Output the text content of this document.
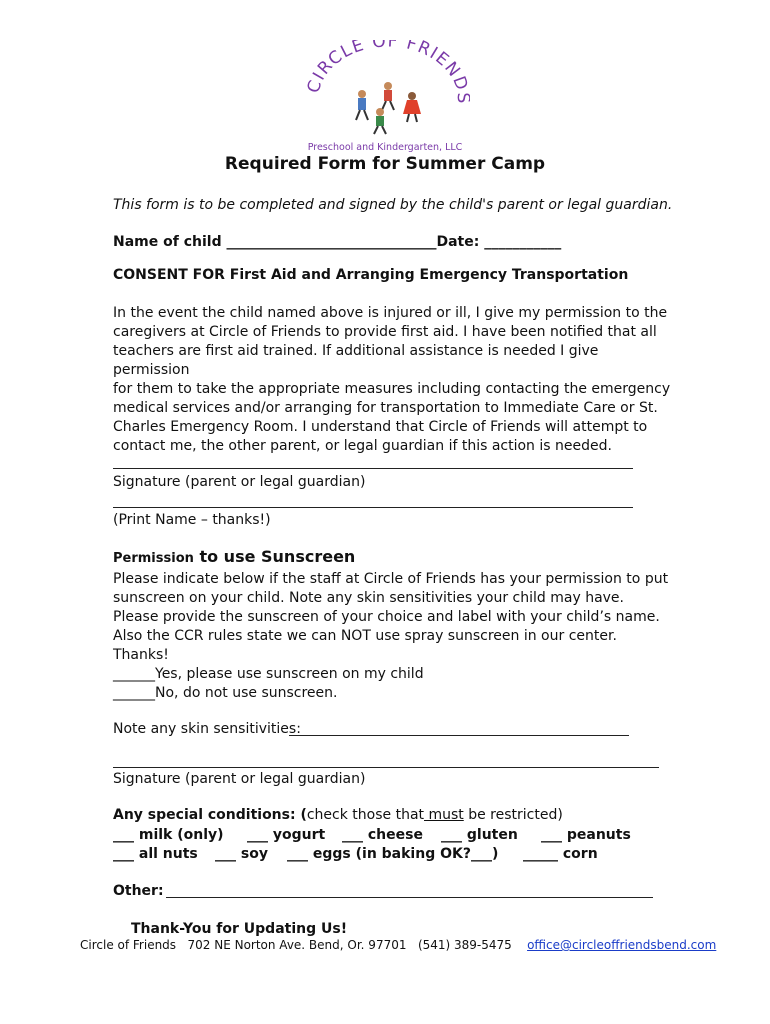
CIRCLE OF FRIEND
Preschool and Kindergarten, LLC
Required Form for Summer Camp
This form is to be completed and signed by the child's parent or legal guardian.
Name of child ______________________________Date: ___________
CONSENT FOR First Aid and Arranging Emergency Transportation
In the event the child named above is injured or ill, I give my permission to the
caregivers at Circle of Friends to provide first aid. I have been notified that all
teachers are first aid trained. If additional assistance is needed I give permission
for them to take the appropriate measures including contacting the emergency
medical services and/or arranging for transportation to Immediate Care or St.
Charles Emergency Room. I understand that Circle of Friends will attempt to
contact me, the other parent, or legal guardian if this action is needed.
Signature (parent or legal guardian)
(Print Name – thanks!)
Permission to use Sunscreen
Please indicate below if the staff at Circle of Friends has your permission to put
sunscreen on your child. Note any skin sensitivities your child may have.
Please provide the sunscreen of your choice and label with your child’s name.
Also the CCR rules state we can NOT use spray sunscreen in our center.
Thanks!
______Yes, please use sunscreen on my child
______No, do not use sunscreen.
Note any skin sensitivities:
Signature (parent or legal guardian)
Any special conditions: (check those that must be restricted)
___ milk (only) ___ yogurt ___ cheese ___ gluten ___ peanuts
___ all nuts ___ soy ___ eggs (in baking OK?___) _____ corn
Other:
Thank-You for Updating Us!
Circle of Friends 702 NE Norton Ave. Bend, Or. 97701 (541) 389-5475 office@circleoffriendsbend.com
